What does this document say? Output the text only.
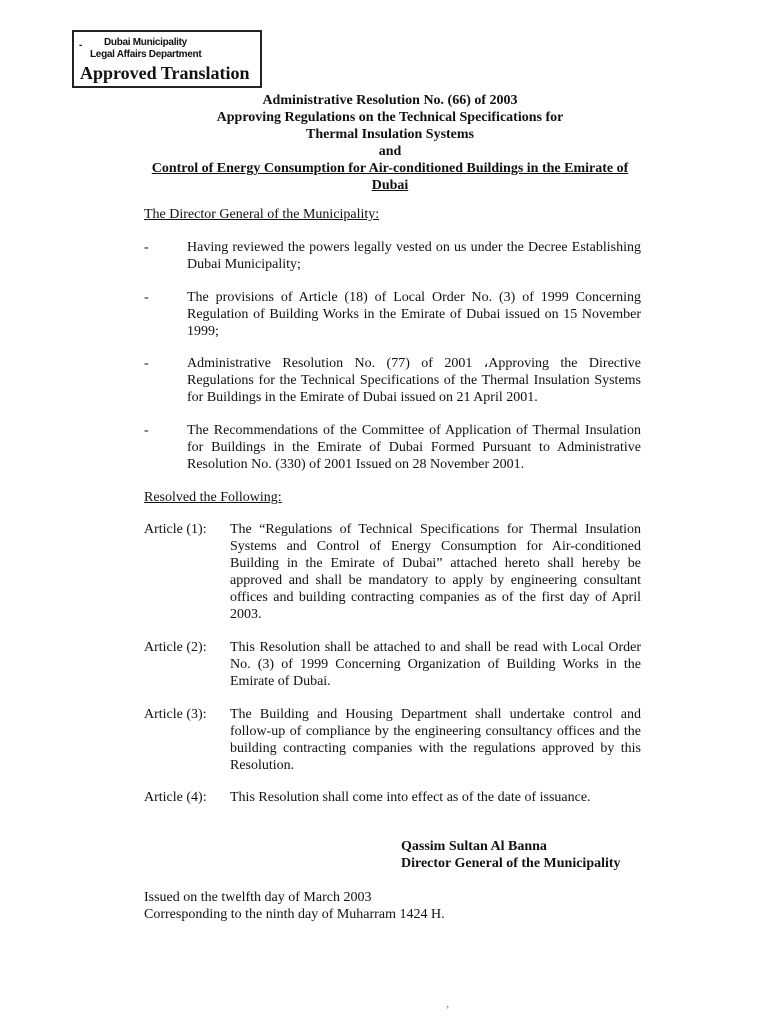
- Dubai Municipality
Legal Affairs Department
Approved Translation
Administrative Resolution No. (66) of 2003
Approving Regulations on the Technical Specifications for
Thermal Insulation Systems
and
Control of Energy Consumption for Air-conditioned Buildings in the Emirate of
Dubai
The Director General of the Municipality:
-	Having reviewed the powers legally vested on us under the Decree Establishing Dubai Municipality;
-	The provisions of Article (18) of Local Order No. (3) of 1999 Concerning Regulation of Building Works in the Emirate of Dubai issued on 15 November 1999;
-	Administrative Resolution No. (77) of 2001 ،Approving the Directive Regulations for the Technical Specifications of the Thermal Insulation Systems for Buildings in the Emirate of Dubai issued on 21 April 2001.
-	The Recommendations of the Committee of Application of Thermal Insulation for Buildings in the Emirate of Dubai Formed Pursuant to Administrative Resolution No. (330) of 2001 Issued on 28 November 2001.
Resolved the Following:
Article (1): The “Regulations of Technical Specifications for Thermal Insulation Systems and Control of Energy Consumption for Air-conditioned Building in the Emirate of Dubai” attached hereto shall hereby be approved and shall be mandatory to apply by engineering consultant offices and building contracting companies as of the first day of April 2003.
Article (2): This Resolution shall be attached to and shall be read with Local Order No. (3) of 1999 Concerning Organization of Building Works in the Emirate of Dubai.
Article (3): The Building and Housing Department shall undertake control and follow-up of compliance by the engineering consultancy offices and the building contracting companies with the regulations approved by this Resolution.
Article (4): This Resolution shall come into effect as of the date of issuance.
Qassim Sultan Al Banna
Director General of the Municipality
Issued on the twelfth day of March 2003
Corresponding to the ninth day of Muharram 1424 H.
’
